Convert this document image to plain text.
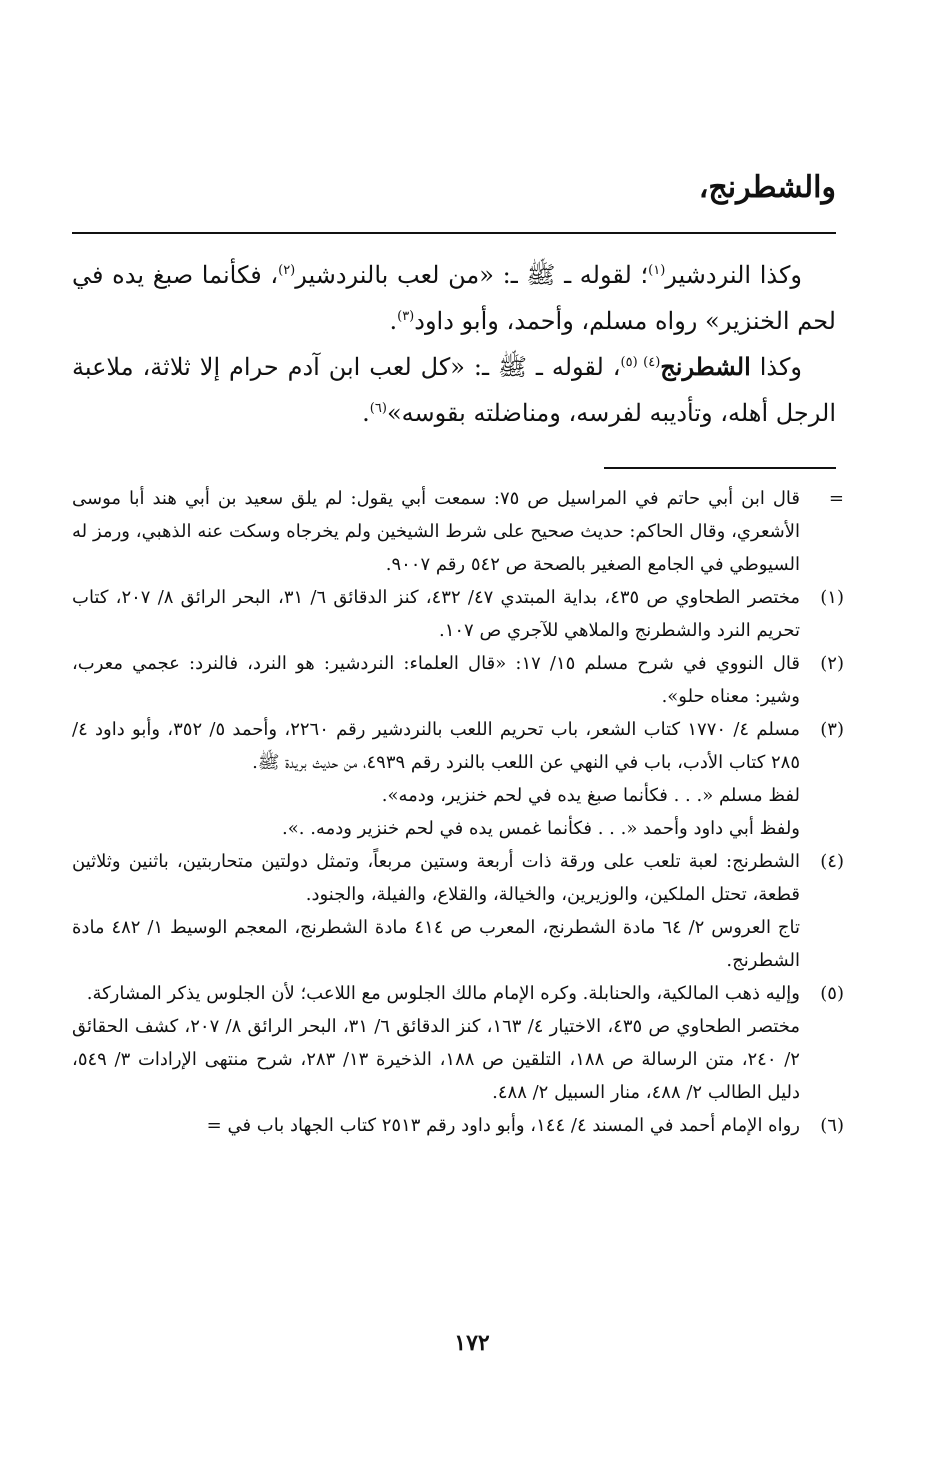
والشطرنج،

وكذا النردشير$^{(١)}$؛ لقوله ـ ﷺ ـ: «من لعب بالنردشير$^{(٢)}$، فكأنما صبغ يده في لحم الخنزير» رواه مسلم، وأحمد، وأبو داود$^{(٣)}$.

وكذا الشطرنج$^{(٤)}$ $^{(٥)}$، لقوله ـ ﷺ ـ: «كل لعب ابن آدم حرام إلا ثلاثة، ملاعبة الرجل أهله، وتأديبه لفرسه، ومناضلته بقوسه»$^{(٦)}$.

=
قال ابن أبي حاتم في المراسيل ص ٧٥: سمعت أبي يقول: لم يلق سعيد بن أبي هند أبا موسى الأشعري، وقال الحاكم: حديث صحيح على شرط الشيخين ولم يخرجاه وسكت عنه الذهبي، ورمز له السيوطي في الجامع الصغير بالصحة ص ٥٤٢ رقم ٩٠٠٧.
(١)
مختصر الطحاوي ص ٤٣٥، بداية المبتدي ٤٧/ ٤٣٢، كنز الدقائق ٦/ ٣١، البحر الرائق ٨/ ٢٠٧، كتاب تحريم النرد والشطرنج والملاهي للآجري ص ١٠٧.
(٢)
قال النووي في شرح مسلم ١٥/ ١٧: «قال العلماء: النردشير: هو النرد، فالنرد: عجمي معرب، وشير: معناه حلو».
(٣)
مسلم ٤/ ١٧٧٠ كتاب الشعر، باب تحريم اللعب بالنردشير رقم ٢٢٦٠، وأحمد ٥/ ٣٥٢، وأبو داود ٤/ ٢٨٥ كتاب الأدب، باب في النهي عن اللعب بالنرد رقم ٤٩٣٩، من حديث بريدة ﷺ.
لفظ مسلم «. . . فكأنما صبغ يده في لحم خنزير، ودمه».
ولفظ أبي داود وأحمد «. . . فكأنما غمس يده في لحم خنزير ودمه. .».
(٤)
الشطرنج: لعبة تلعب على ورقة ذات أربعة وستين مربعاً، وتمثل دولتين متحاربتين، باثنين وثلاثين قطعة، تحتل الملكين، والوزيرين، والخيالة، والقلاع، والفيلة، والجنود.
تاج العروس ٢/ ٦٤ مادة الشطرنج، المعرب ص ٤١٤ مادة الشطرنج، المعجم الوسيط ١/ ٤٨٢ مادة الشطرنج.
(٥)
وإليه ذهب المالكية، والحنابلة. وكره الإمام مالك الجلوس مع اللاعب؛ لأن الجلوس يذكر المشاركة.
مختصر الطحاوي ص ٤٣٥، الاختيار ٤/ ١٦٣، كنز الدقائق ٦/ ٣١، البحر الرائق ٨/ ٢٠٧، كشف الحقائق ٢/ ٢٤٠، متن الرسالة ص ١٨٨، التلقين ص ١٨٨، الذخيرة ١٣/ ٢٨٣، شرح منتهى الإرادات ٣/ ٥٤٩، دليل الطالب ٢/ ٤٨٨، منار السبيل ٢/ ٤٨٨.
(٦)
رواه الإمام أحمد في المسند ٤/ ١٤٤، وأبو داود رقم ٢٥١٣ كتاب الجهاد باب في =
١٧٢
